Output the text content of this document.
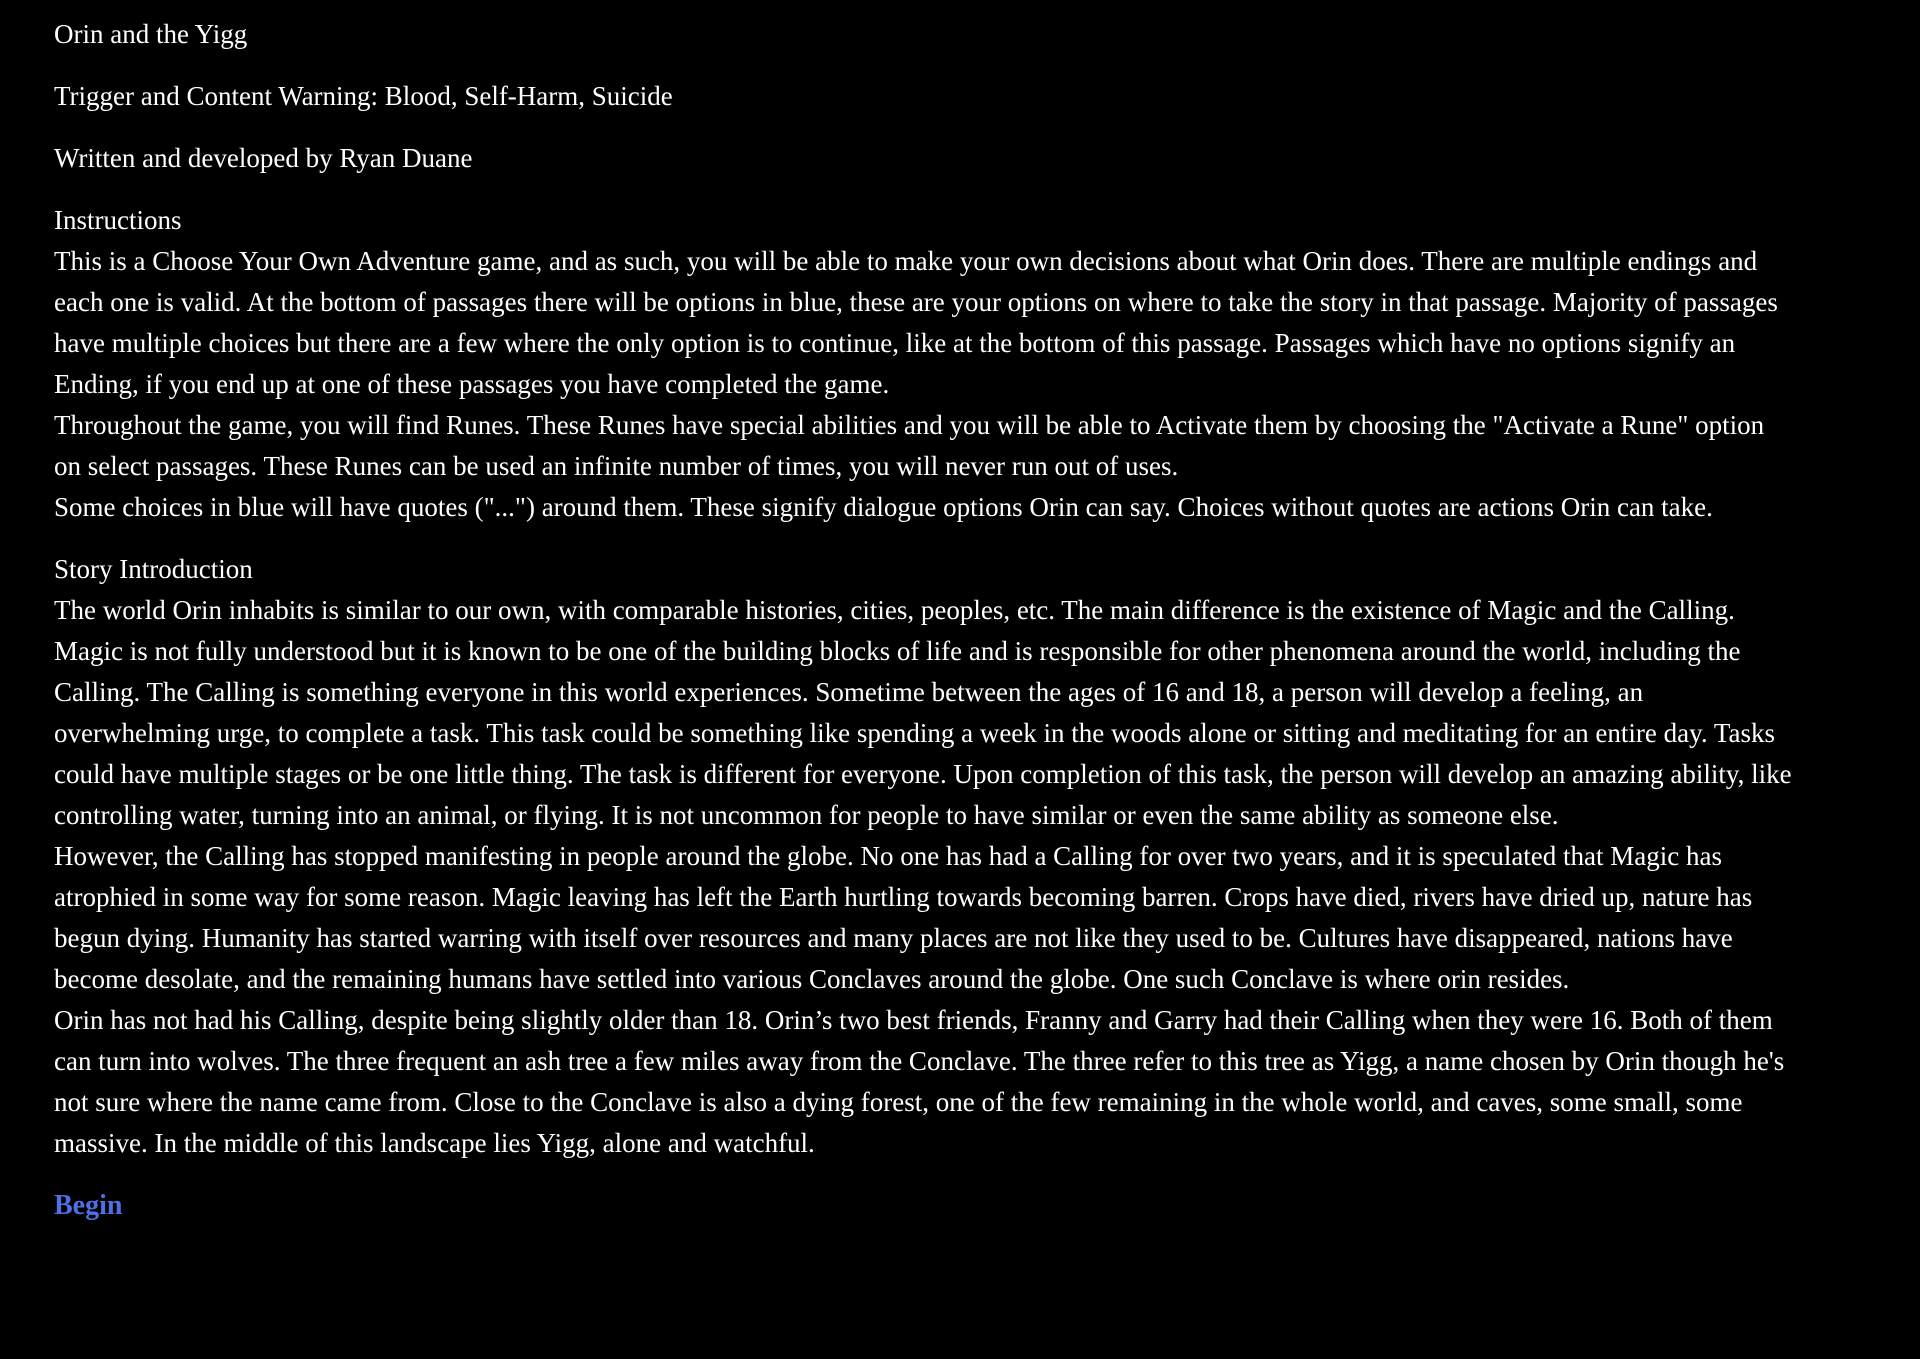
Orin and the Yigg

Trigger and Content Warning: Blood, Self-Harm, Suicide

Written and developed by Ryan Duane

Instructions

This is a Choose Your Own Adventure game, and as such, you will be able to make your own decisions about what Orin does. There are multiple endings and each one is valid. At the bottom of passages there will be options in blue, these are your options on where to take the story in that passage. Majority of passages have multiple choices but there are a few where the only option is to continue, like at the bottom of this passage. Passages which have no options signify an Ending, if you end up at one of these passages you have completed the game.

Throughout the game, you will find Runes. These Runes have special abilities and you will be able to Activate them by choosing the "Activate a Rune" option on select passages. These Runes can be used an infinite number of times, you will never run out of uses.

Some choices in blue will have quotes ("...") around them. These signify dialogue options Orin can say. Choices without quotes are actions Orin can take.

Story Introduction

The world Orin inhabits is similar to our own, with comparable histories, cities, peoples, etc. The main difference is the existence of Magic and the Calling. Magic is not fully understood but it is known to be one of the building blocks of life and is responsible for other phenomena around the world, including the Calling. The Calling is something everyone in this world experiences. Sometime between the ages of 16 and 18, a person will develop a feeling, an overwhelming urge, to complete a task. This task could be something like spending a week in the woods alone or sitting and meditating for an entire day. Tasks could have multiple stages or be one little thing. The task is different for everyone. Upon completion of this task, the person will develop an amazing ability, like controlling water, turning into an animal, or flying. It is not uncommon for people to have similar or even the same ability as someone else.

However, the Calling has stopped manifesting in people around the globe. No one has had a Calling for over two years, and it is speculated that Magic has atrophied in some way for some reason. Magic leaving has left the Earth hurtling towards becoming barren. Crops have died, rivers have dried up, nature has begun dying. Humanity has started warring with itself over resources and many places are not like they used to be. Cultures have disappeared, nations have become desolate, and the remaining humans have settled into various Conclaves around the globe. One such Conclave is where orin resides.

Orin has not had his Calling, despite being slightly older than 18. Orin’s two best friends, Franny and Garry had their Calling when they were 16. Both of them can turn into wolves. The three frequent an ash tree a few miles away from the Conclave. The three refer to this tree as Yigg, a name chosen by Orin though he's not sure where the name came from. Close to the Conclave is also a dying forest, one of the few remaining in the whole world, and caves, some small, some massive. In the middle of this landscape lies Yigg, alone and watchful.

Begin
